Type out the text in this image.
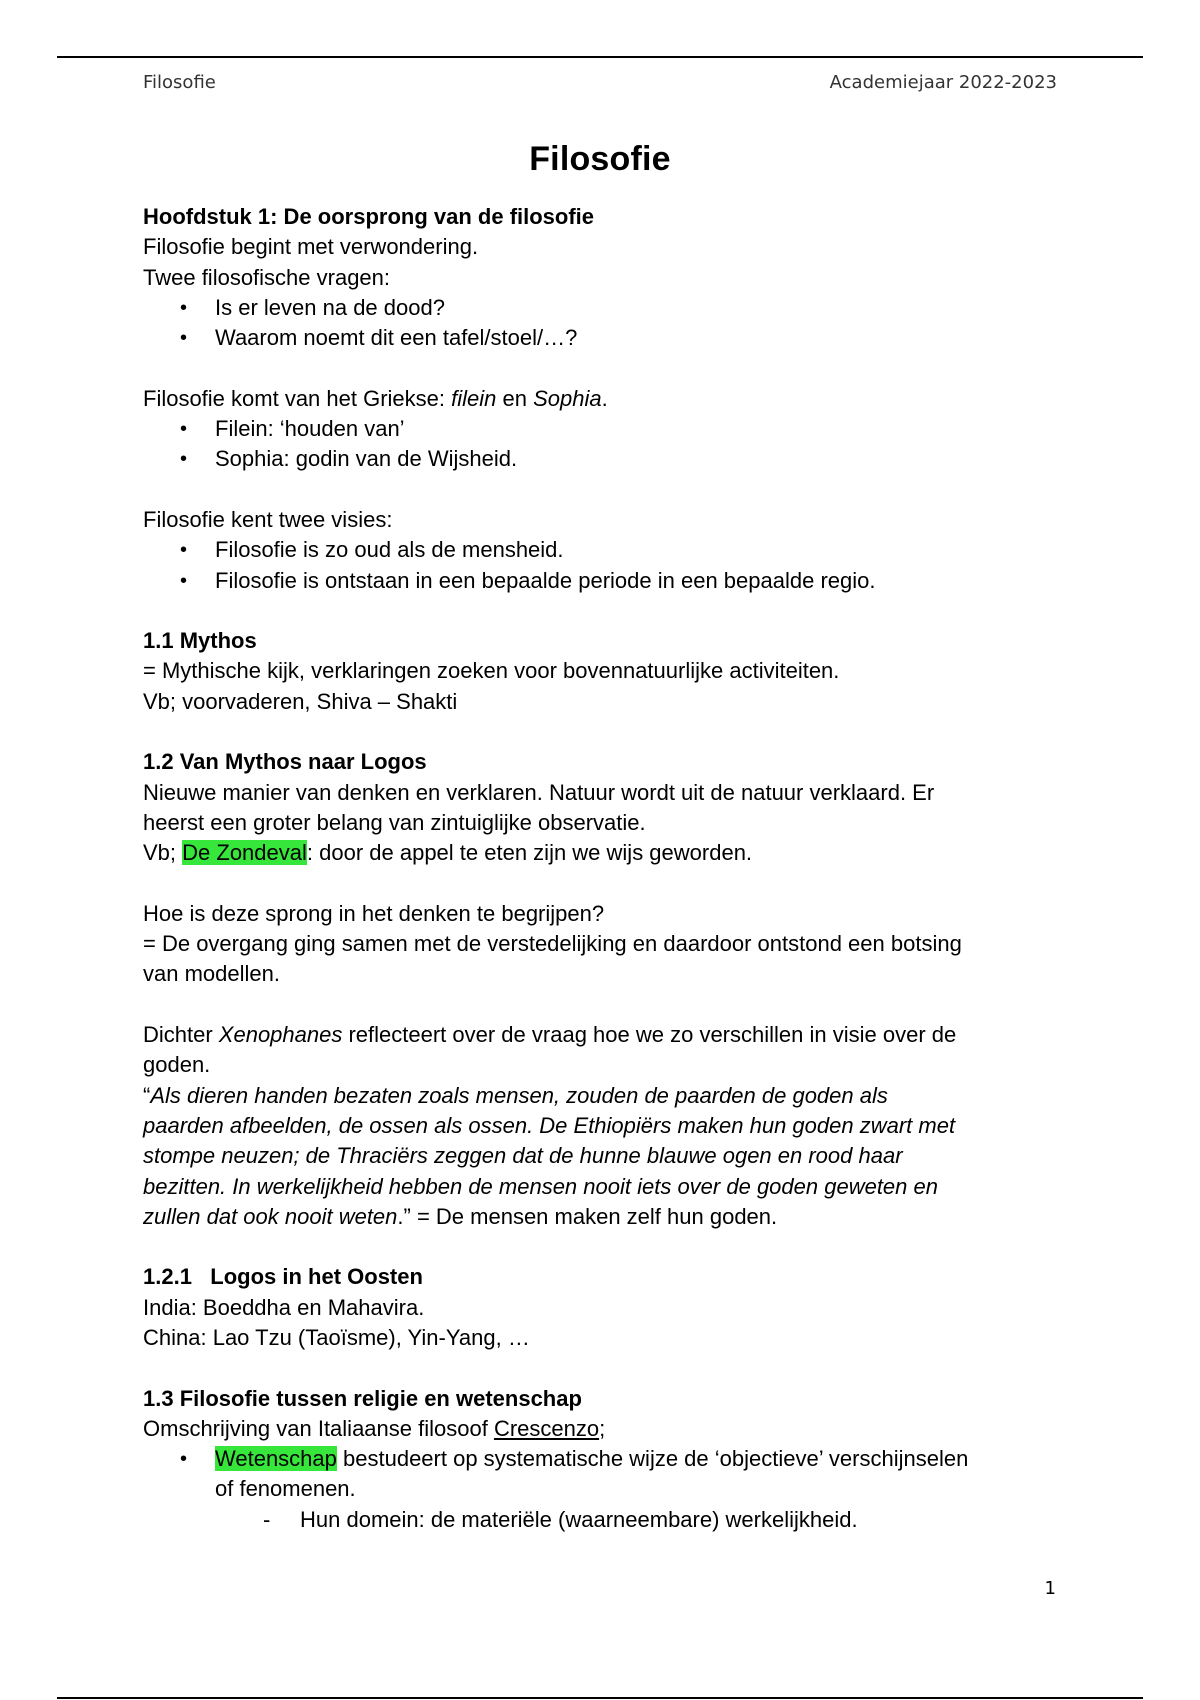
Filosofie	Academiejaar 2022-2023
Filosofie

Hoofdstuk 1: De oorsprong van de filosofie

Filosofie begint met verwondering.

Twee filosofische vragen:

• Is er leven na de dood?
• Waarom noemt dit een tafel/stoel/…?

Filosofie komt van het Griekse: filein en Sophia.

• Filein: ‘houden van’
• Sophia: godin van de Wijsheid.

Filosofie kent twee visies:

• Filosofie is zo oud als de mensheid.
• Filosofie is ontstaan in een bepaalde periode in een bepaalde regio.

1.1 Mythos

= Mythische kijk, verklaringen zoeken voor bovennatuurlijke activiteiten.

Vb; voorvaderen, Shiva – Shakti

1.2 Van Mythos naar Logos

Nieuwe manier van denken en verklaren. Natuur wordt uit de natuur verklaard. Er

heerst een groter belang van zintuiglijke observatie.

Vb; De Zondeval: door de appel te eten zijn we wijs geworden.

Hoe is deze sprong in het denken te begrijpen?

= De overgang ging samen met de verstedelijking en daardoor ontstond een botsing

van modellen.

Dichter Xenophanes reflecteert over de vraag hoe we zo verschillen in visie over de

goden.

“Als dieren handen bezaten zoals mensen, zouden de paarden de goden als

paarden afbeelden, de ossen als ossen. De Ethiopiërs maken hun goden zwart met

stompe neuzen; de Thraciërs zeggen dat de hunne blauwe ogen en rood haar

bezitten. In werkelijkheid hebben de mensen nooit iets over de goden geweten en

zullen dat ook nooit weten.” = De mensen maken zelf hun goden.

1.2.1   Logos in het Oosten

India: Boeddha en Mahavira.

China: Lao Tzu (Taoïsme), Yin-Yang, …

1.3 Filosofie tussen religie en wetenschap

Omschrijving van Italiaanse filosoof Crescenzo;

• Wetenschap bestudeert op systematische wijze de ‘objectieve’ verschijnselen
of fenomenen.
- Hun domein: de materiële (waarneembare) werkelijkheid.
1
